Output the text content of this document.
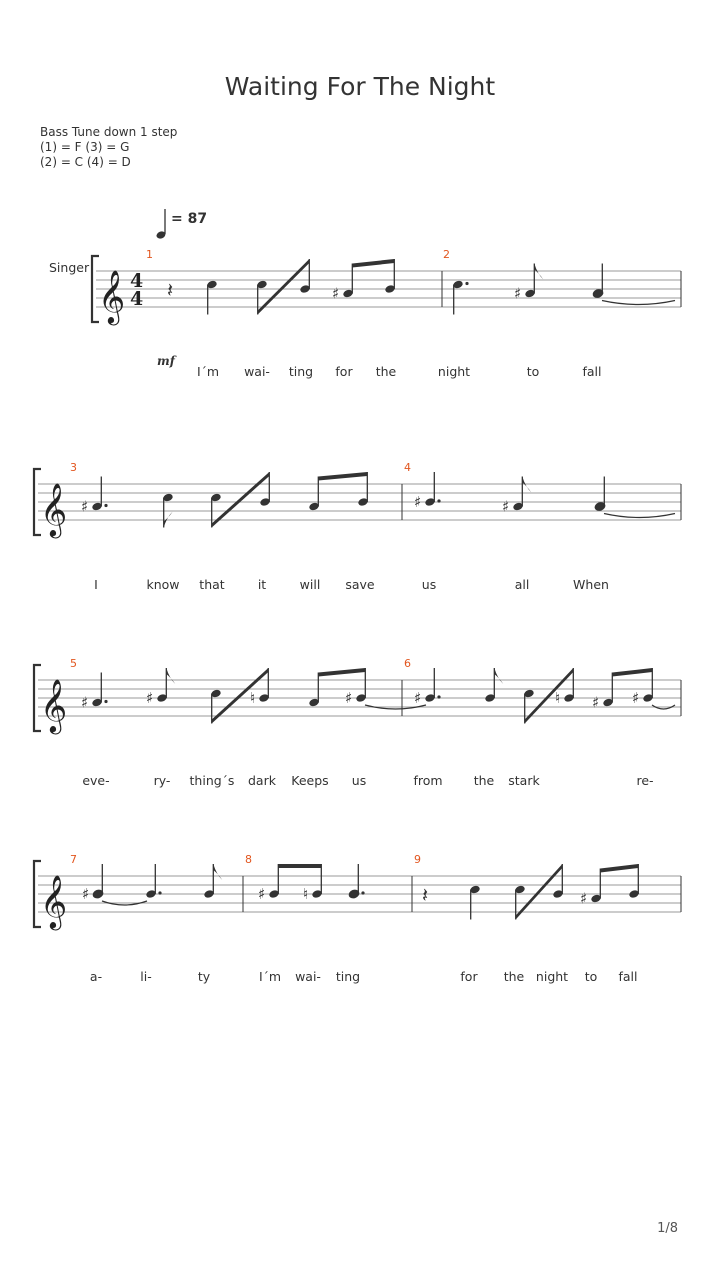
Waiting For The Night
Bass Tune down 1 step
(1) = F (3) = G
(2) = C (4) = D
= 87
Singer
mf
𝄞 4
4
1
𝄽	♯
2
♯
I´m wai- ting for the	night	to	fall
𝄞
3
♯
4
♯	♯
I	know that	it	will save	us	all	When
𝄞
5
♯	♯	♮	♯
6
♯	♮ ♯ ♯
eve-	ry- thing´s dark Keeps us	from the stark	re-
𝄞
7
♯
8
♯	♮
9
𝄽	♯
a-	li-	ty	I´m wai- ting	for the night to fall
1/8
